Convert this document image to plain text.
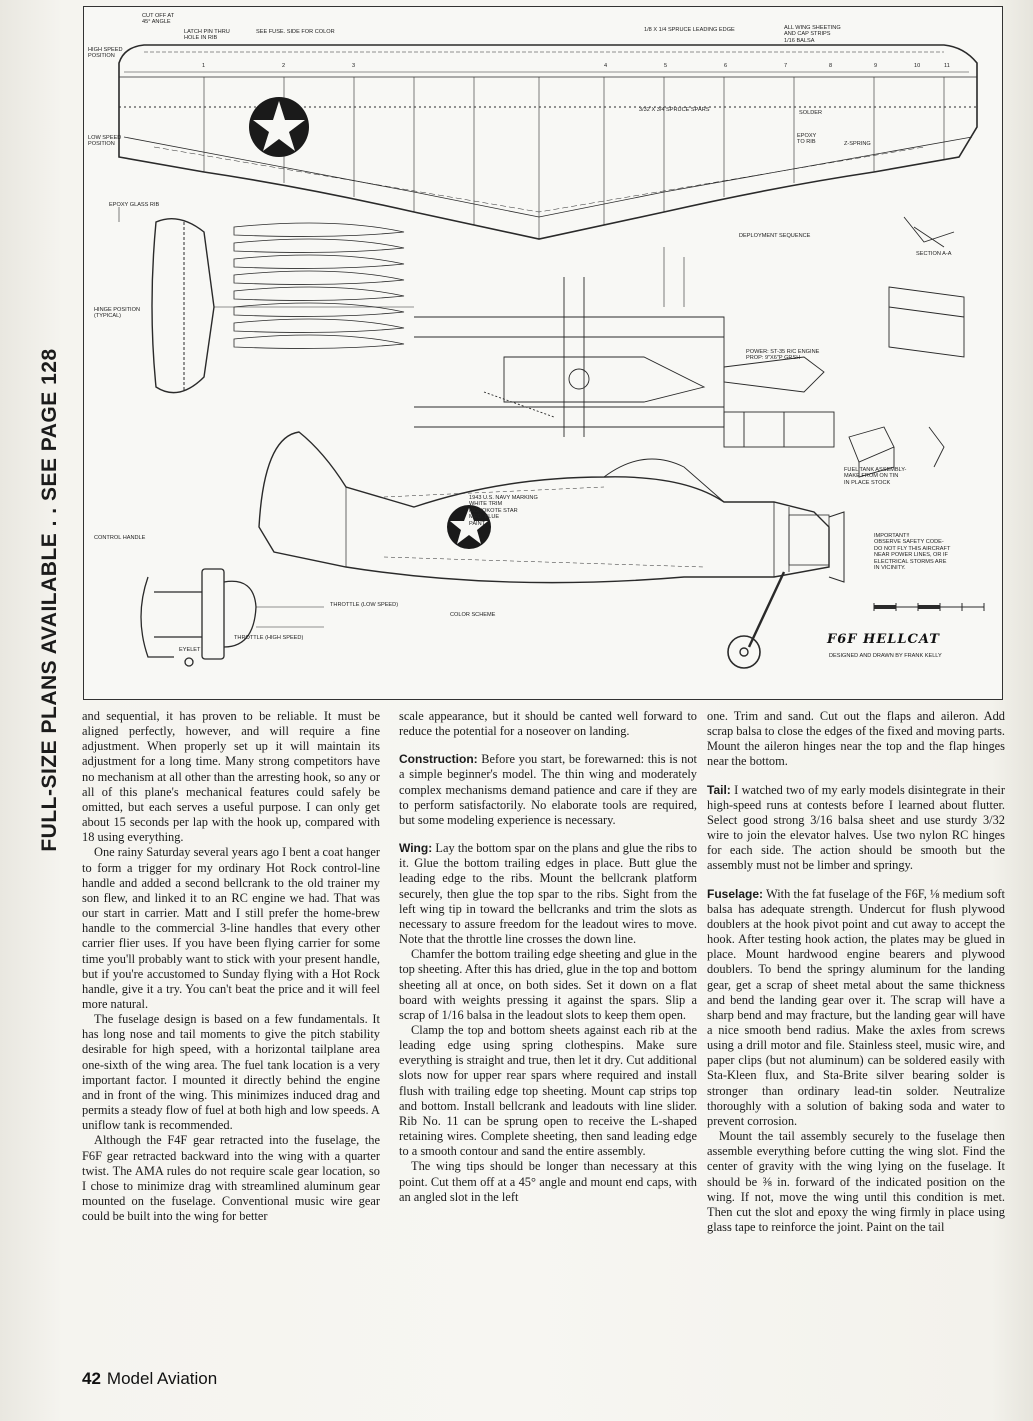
FULL-SIZE PLANS AVAILABLE . . SEE PAGE 128
1	2	3	4	5	6	7	8	9	10	11
CUT OFF AT
45° ANGLE
LATCH PIN THRU
HOLE IN RIB
SEE FUSE. SIDE FOR COLOR	1/8 X 1/4 SPRUCE LEADING EDGE	ALL WING SHEETING
AND CAP STRIPS
1/16 BALSA
HIGH SPEED
POSITION
LOW SPEED
POSITION
3/32 X 3/4 SPRUCE SPARS	SOLDER
EPOXY
TO RIB	Z-SPRING
EPOXY GLASS RIB
DEPLOYMENT SEQUENCE
SECTION A-A
POWER: ST-35 R/C ENGINE
PROP: 9"X6"P GRSH
HINGE POSITION
(TYPICAL)
CONTROL HANDLE
THROTTLE (LOW SPEED)
THROTTLE (HIGH SPEED)
COLOR SCHEME
IMPORTANT!!
OBSERVE SAFETY CODE-
DO NOT FLY THIS AIRCRAFT
NEAR POWER LINES, OR IF
ELECTRICAL STORMS ARE
IN VICINITY.
1943 U.S. NAVY MARKING
WHITE TRIM
MONOKOTE STAR
MED. BLUE
PAINT
FUEL TANK ASSEMBLY-
MAKE FROM ON TIN
IN PLACE STOCK
EYELET
F6F HELLCAT
DESIGNED AND DRAWN BY FRANK KELLY

and sequential, it has proven to be reliable. It must be aligned perfectly, however, and will require a fine adjustment. When properly set up it will maintain its adjustment for a long time. Many strong competitors have no mechanism at all other than the arresting hook, so any or all of this plane's mechanical features could safely be omitted, but each serves a useful purpose. I can only get about 15 seconds per lap with the hook up, compared with 18 using everything.

One rainy Saturday several years ago I bent a coat hanger to form a trigger for my ordinary Hot Rock control-line handle and added a second bellcrank to the old trainer my son flew, and linked it to an RC engine we had. That was our start in carrier. Matt and I still prefer the home-brew handle to the commercial 3-line handles that every other carrier flier uses. If you have been flying carrier for some time you'll probably want to stick with your present handle, but if you're accustomed to Sunday flying with a Hot Rock handle, give it a try. You can't beat the price and it will feel more natural.

The fuselage design is based on a few fundamentals. It has long nose and tail moments to give the pitch stability desirable for high speed, with a horizontal tailplane area one-sixth of the wing area. The fuel tank location is a very important factor. I mounted it directly behind the engine and in front of the wing. This minimizes induced drag and permits a steady flow of fuel at both high and low speeds. A uniflow tank is recommended.

Although the F4F gear retracted into the fuselage, the F6F gear retracted backward into the wing with a quarter twist. The AMA rules do not require scale gear location, so I chose to minimize drag with streamlined aluminum gear mounted on the fuselage. Conventional music wire gear could be built into the wing for better

scale appearance, but it should be canted well forward to reduce the potential for a noseover on landing.

Construction: Before you start, be forewarned: this is not a simple beginner's model. The thin wing and moderately complex mechanisms demand patience and care if they are to perform satisfactorily. No elaborate tools are required, but some modeling experience is necessary.

Wing: Lay the bottom spar on the plans and glue the ribs to it. Glue the bottom trailing edges in place. Butt glue the leading edge to the ribs. Mount the bellcrank platform securely, then glue the top spar to the ribs. Sight from the left wing tip in toward the bellcranks and trim the slots as necessary to assure freedom for the leadout wires to move. Note that the throttle line crosses the down line.

Chamfer the bottom trailing edge sheeting and glue in the top sheeting. After this has dried, glue in the top and bottom sheeting all at once, on both sides. Set it down on a flat board with weights pressing it against the spars. Slip a scrap of 1/16 balsa in the leadout slots to keep them open.

Clamp the top and bottom sheets against each rib at the leading edge using spring clothespins. Make sure everything is straight and true, then let it dry. Cut additional slots now for upper rear spars where required and install flush with trailing edge top sheeting. Mount cap strips top and bottom. Install bellcrank and leadouts with line slider. Rib No. 11 can be sprung open to receive the L-shaped retaining wires. Complete sheeting, then sand leading edge to a smooth contour and sand the entire assembly.

The wing tips should be longer than necessary at this point. Cut them off at a 45° angle and mount end caps, with an angled slot in the left

one. Trim and sand. Cut out the flaps and aileron. Add scrap balsa to close the edges of the fixed and moving parts. Mount the aileron hinges near the top and the flap hinges near the bottom.

Tail: I watched two of my early models disintegrate in their high-speed runs at contests before I learned about flutter. Select good strong 3/16 balsa sheet and use sturdy 3/32 wire to join the elevator halves. Use two nylon RC hinges for each side. The action should be smooth but the assembly must not be limber and springy.

Fuselage: With the fat fuselage of the F6F, ⅛ medium soft balsa has adequate strength. Undercut for flush plywood doublers at the hook pivot point and cut away to accept the hook. After testing hook action, the plates may be glued in place. Mount hardwood engine bearers and plywood doublers. To bend the springy aluminum for the landing gear, get a scrap of sheet metal about the same thickness and bend the landing gear over it. The scrap will have a sharp bend and may fracture, but the landing gear will have a nice smooth bend radius. Make the axles from screws using a drill motor and file. Stainless steel, music wire, and paper clips (but not aluminum) can be soldered easily with Sta-Kleen flux, and Sta-Brite silver bearing solder is stronger than ordinary lead-tin solder. Neutralize thoroughly with a solution of baking soda and water to prevent corrosion.

Mount the tail assembly securely to the fuselage then assemble everything before cutting the wing slot. Find the center of gravity with the wing lying on the fuselage. It should be ⅜ in. forward of the indicated position on the wing. If not, move the wing until this condition is met. Then cut the slot and epoxy the wing firmly in place using glass tape to reinforce the joint. Paint on the tail

42 Model Aviation
